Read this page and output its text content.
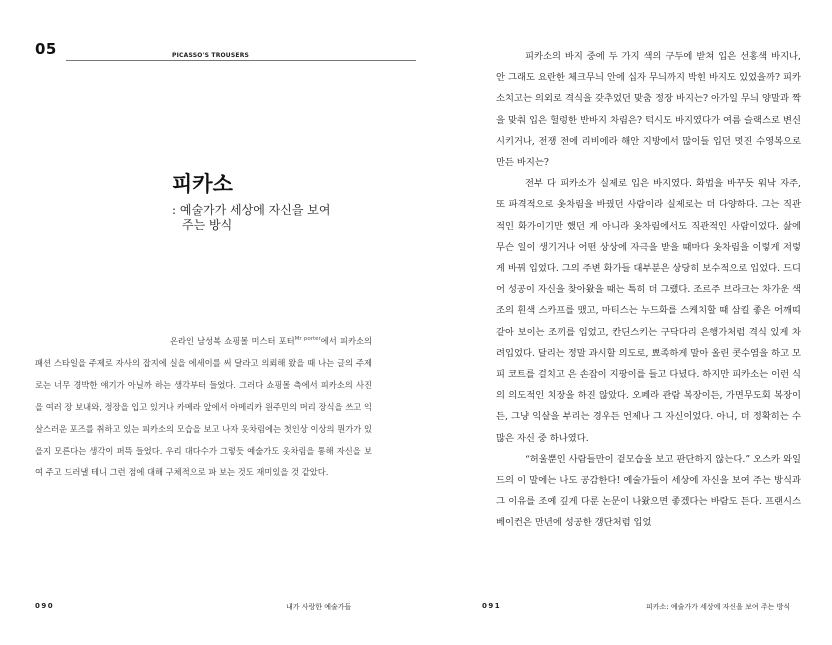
05	PICASSO'S TROUSERS
피카소
: 예술가가 세상에 자신을 보여
주는 방식
온라인 남성복 쇼핑몰 미스터 포터$^{Mr porter}$에서 피카소의 패션 스타일을 주제로 자사의 잡지에 실을 에세이를 써 달라고 의뢰해 왔을 때 나는 글의 주제로는 너무 경박한 얘기가 아닐까 하는 생각부터 들었다. 그러다 쇼핑몰 측에서 피카소의 사진을 여러 장 보내와, 정장을 입고 있거나 카메라 앞에서 아메리카 원주민의 머리 장식을 쓰고 익살스러운 포즈를 취하고 있는 피카소의 모습을 보고 나자 옷차림에는 첫인상 이상의 뭔가가 있을지 모른다는 생각이 퍼뜩 들었다. 우리 대다수가 그렇듯 예술가도 옷차림을 통해 자신을 보여 주고 드러낼 테니 그런 점에 대해 구체적으로 파 보는 것도 재미있을 것 같았다.
090	내가 사랑한 예술가들

피카소의 바지 중에 두 가지 색의 구두에 받쳐 입은 선홍색 바지나, 안 그래도 요란한 체크무늬 안에 십자 무늬까지 박힌 바지도 있었을까? 피카소치고는 의외로 격식을 갖추었던 맞춤 정장 바지는? 아가일 무늬 양말과 짝을 맞춰 입은 헐렁한 반바지 차림은? 턱시도 바지였다가 여름 슬랙스로 변신시키거나, 전쟁 전에 리비에라 해안 지방에서 많이들 입던 멋진 수영복으로 만든 바지는?

전부 다 피카소가 실제로 입은 바지였다. 화법을 바꾸듯 워낙 자주, 또 파격적으로 옷차림을 바꿨던 사람이라 실제로는 더 다양하다. 그는 직관적인 화가이기만 했던 게 아니라 옷차림에서도 직관적인 사람이었다. 삶에 무슨 일이 생기거나 어떤 상상에 자극을 받을 때마다 옷차림을 이렇게 저렇게 바꿔 입었다. 그의 주변 화가들 대부분은 상당히 보수적으로 입었다. 드디어 성공이 자신을 찾아왔을 때는 특히 더 그랬다. 조르주 브라크는 차가운 색조의 흰색 스카프를 맸고, 마티스는 누드화를 스케치할 때 삼킬 좋은 어깨띠 같아 보이는 조끼를 입었고, 칸딘스키는 구닥다리 은행가처럼 격식 있게 차려입었다. 달리는 정말 과시할 의도로, 뾰족하게 말아 올린 콧수염을 하고 모피 코트를 걸치고 은 손잡이 지팡이를 들고 다녔다. 하지만 피카소는 이런 식의 의도적인 치장을 하진 않았다. 오페라 관람 복장이든, 가면무도회 복장이든, 그냥 익살을 부리는 경우든 언제나 그 자신이었다. 아니, 더 정확히는 수많은 자신 중 하나였다.

“허울뿐인 사람들만이 겉모습을 보고 판단하지 않는다.” 오스카 와일드의 이 말에는 나도 공감한다! 예술가들이 세상에 자신을 보여 주는 방식과 그 이유를 조예 깊게 다룬 논문이 나왔으면 좋겠다는 바람도 든다. 프랜시스 베이컨은 만년에 성공한 갱단처럼 입었

091	피카소: 예술가가 세상에 자신을 보여 주는 방식
